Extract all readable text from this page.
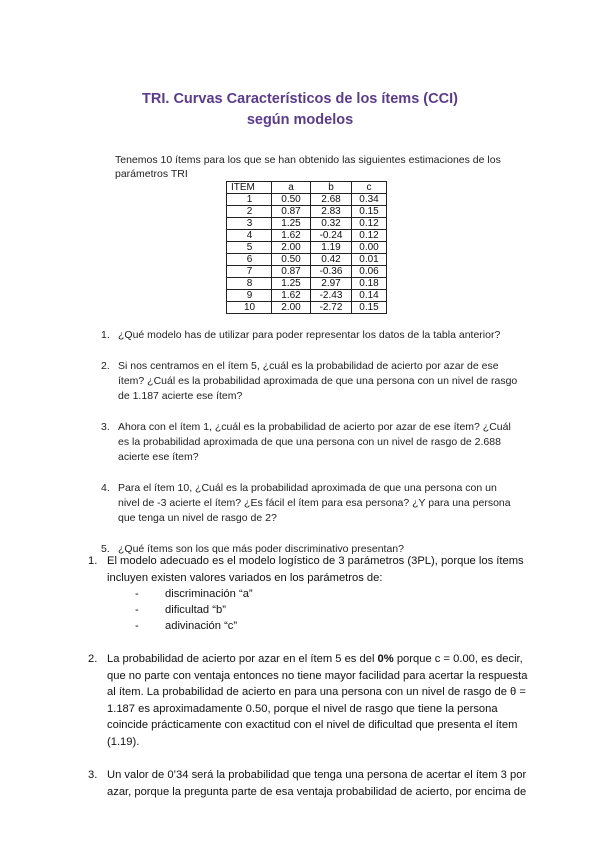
TRI. Curvas Característicos de los ítems (CCI) según modelos
Tenemos 10 ítems para los que se han obtenido las siguientes estimaciones de los parámetros TRI
ITEM	a	b	c
1	0.50	2.68	0.34
2	0.87	2.83	0.15
3	1.25	0.32	0.12
4	1.62	-0.24	0.12
5	2.00	1.19	0.00
6	0.50	0.42	0.01
7	0.87	-0.36	0.06
8	1.25	2.97	0.18
9	1.62	-2.43	0.14
10	2.00	-2.72	0.15
1. ¿Qué modelo has de utilizar para poder representar los datos de la tabla anterior?
2. Si nos centramos en el ítem 5, ¿cuál es la probabilidad de acierto por azar de ese ítem? ¿Cuál es la probabilidad aproximada de que una persona con un nivel de rasgo de 1.187 acierte ese ítem?
3. Ahora con el ítem 1, ¿cuál es la probabilidad de acierto por azar de ese ítem? ¿Cuál es la probabilidad aproximada de que una persona con un nivel de rasgo de 2.688 acierte ese ítem?
4. Para el ítem 10, ¿Cuál es la probabilidad aproximada de que una persona con un nivel de -3 acierte el ítem? ¿Es fácil el ítem para esa persona? ¿Y para una persona que tenga un nivel de rasgo de 2?
5. ¿Qué ítems son los que más poder discriminativo presentan?
1. El modelo adecuado es el modelo logístico de 3 parámetros (3PL), porque los ítems incluyen existen valores variados en los parámetros de:
- discriminación “a”
- dificultad “b”
- adivinación “c”
2. La probabilidad de acierto por azar en el ítem 5 es del 0% porque c = 0.00, es decir, que no parte con ventaja entonces no tiene mayor facilidad para acertar la respuesta al ítem. La probabilidad de acierto en para una persona con un nivel de rasgo de θ = 1.187 es aproximadamente 0.50, porque el nivel de rasgo que tiene la persona coincide prácticamente con exactitud con el nivel de dificultad que presenta el ítem (1.19).
3. Un valor de 0’34 será la probabilidad que tenga una persona de acertar el ítem 3 por azar, porque la pregunta parte de esa ventaja probabilidad de acierto, por encima de
